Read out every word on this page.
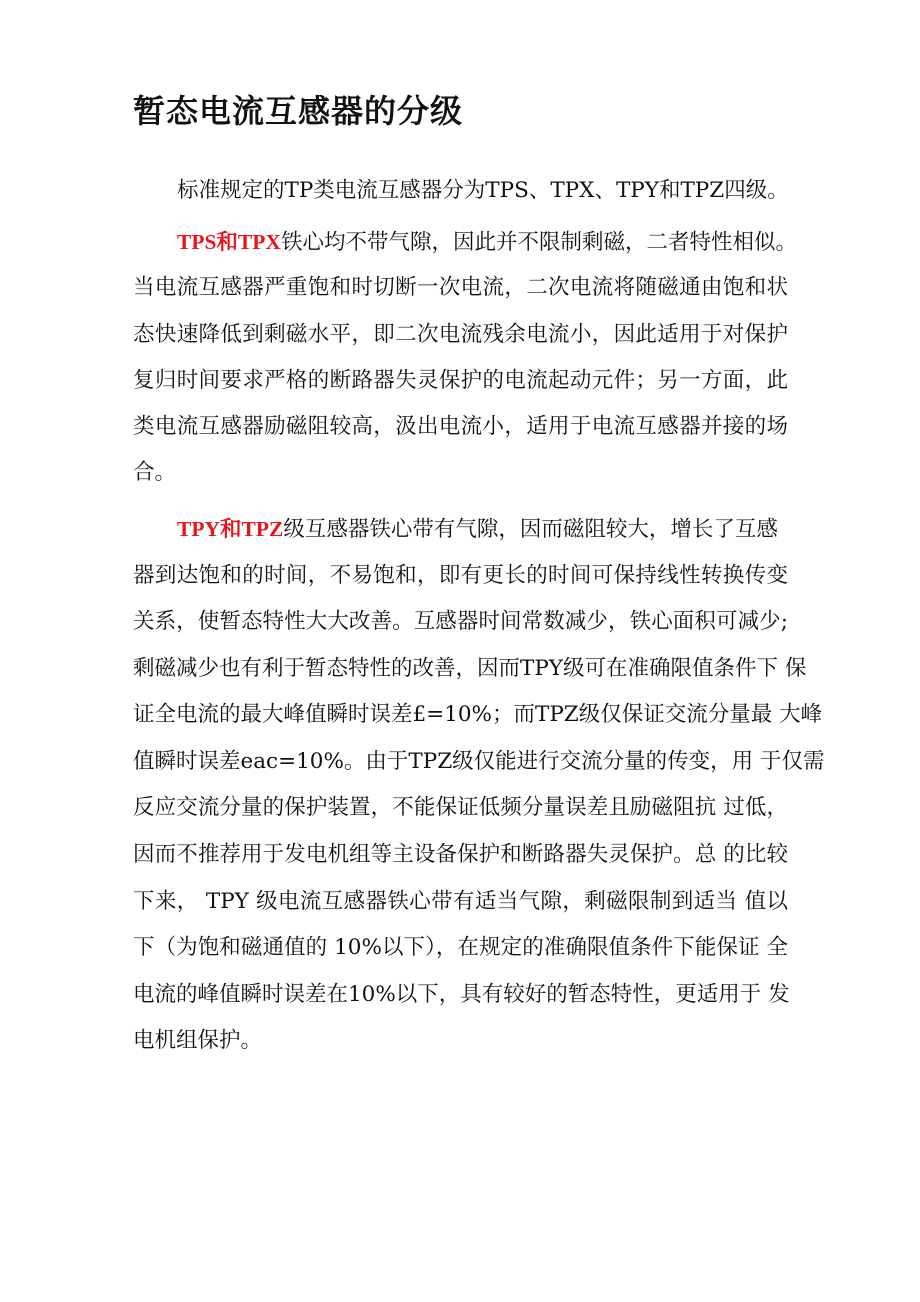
暂态电流互感器的分级
标准规定的TP类电流互感器分为TPS、TPX、TPY和TPZ四级。
TPS和TPX铁心均不带气隙，因此并不限制剩磁，二者特性相似。
当电流互感器严重饱和时切断一次电流，二次电流将随磁通由饱和状
态快速降低到剩磁水平，即二次电流残余电流小，因此适用于对保护
复归时间要求严格的断路器失灵保护的电流起动元件；另一方面，此
类电流互感器励磁阻较高，汲出电流小，适用于电流互感器并接的场
合。
TPY和TPZ级互感器铁心带有气隙，因而磁阻较大，增长了互感
器到达饱和的时间，不易饱和，即有更长的时间可保持线性转换传变
关系，使暂态特性大大改善。互感器时间常数减少，铁心面积可减少;
剩磁减少也有利于暂态特性的改善，因而TPY级可在准确限值条件下 保
证全电流的最大峰值瞬时误差£=10%；而TPZ级仅保证交流分量最 大峰
值瞬时误差eac=10%。由于TPZ级仅能进行交流分量的传变，用 于仅需
反应交流分量的保护装置，不能保证低频分量误差且励磁阻抗 过低，
因而不推荐用于发电机组等主设备保护和断路器失灵保护。总 的比较
下来， TPY 级电流互感器铁心带有适当气隙，剩磁限制到适当 值以
下（为饱和磁通值的 10%以下），在规定的准确限值条件下能保证 全
电流的峰值瞬时误差在10%以下，具有较好的暂态特性，更适用于 发
电机组保护。
